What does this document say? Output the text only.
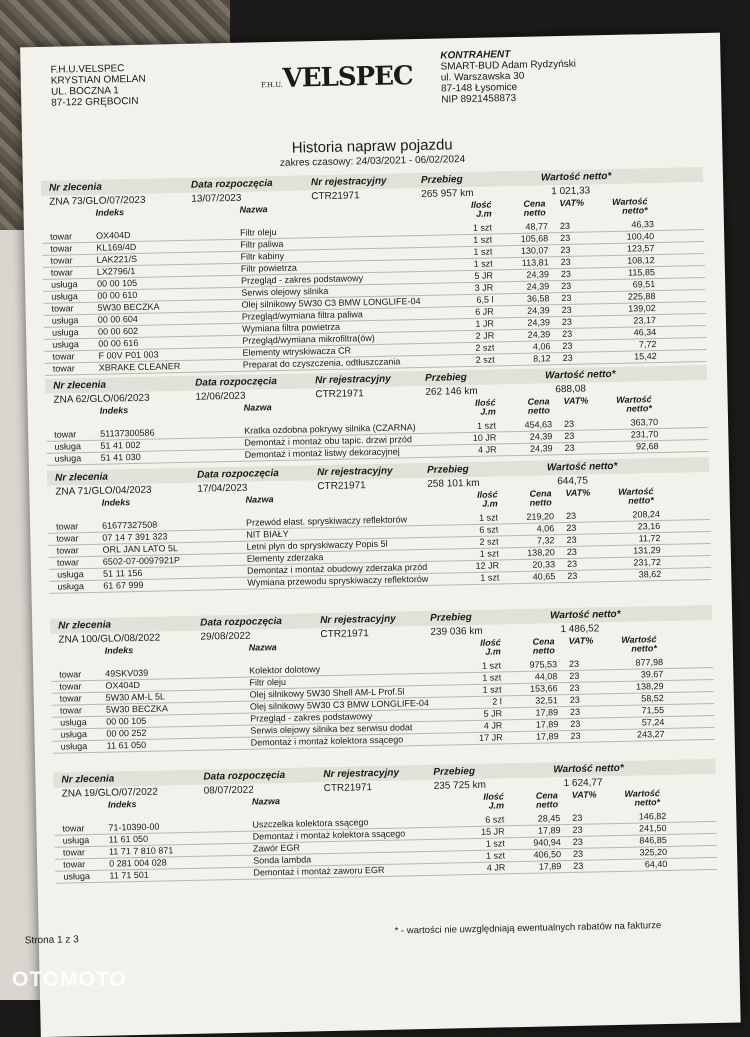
F.H.U.VELSPEC
KRYSTIAN OMELAN
UL. BOCZNA 1
87-122 GRĘBOCIN
F.H.U.VELSPEC
KONTRAHENT
SMART-BUD Adam Rydzyński
ul. Warszawska 30
87-148 Łysomice
NIP 8921458873
Historia napraw pojazdu
zakres czasowy: 24/03/2021 - 06/02/2024
Nr zlecenia	Data rozpoczęcia	Nr rejestracyjny	Przebieg	Wartość netto*
ZNA 73/GLO/07/2023	13/07/2023	CTR21971	265 957 km	1 021,33
Indeks	Nazwa	Ilość J.m
Cena netto
VAT%	Wartość netto*
towar	OX404D	Filtr oleju	1 szt	48,77 23	46,33
towar	KL169/4D	Filtr paliwa	1 szt	105,68 23	100,40
towar	LAK221/S	Filtr kabiny	1 szt	130,07 23	123,57
towar	LX2796/1	Filtr powietrza	1 szt	113,81 23	108,12
usługa 00 00 105	Przegląd - zakres podstawowy	5 JR	24,39 23	115,85
usługa 00 00 610	Serwis olejowy silnika	3 JR	24,39 23	69,51
towar	5W30 BECZKA	Olej silnikowy 5W30 C3 BMW LONGLIFE-04	6,5 l	36,58 23	225,88
usługa 00 00 604	Przegląd/wymiana filtra paliwa	6 JR	24,39 23	139,02
usługa 00 00 602	Wymiana filtra powietrza	1 JR	24,39 23	23,17
usługa 00 00 616	Przegląd/wymiana mikrofiltra(ów)	2 JR	24,39 23	46,34
towar	F 00V P01 003	Elementy wtryskiwacza CR	2 szt	4,06 23	7,72
towar	XBRAKE CLEANER	Preparat do czyszczenia, odtłuszczania	2 szt	8,12 23	15,42
Nr zlecenia	Data rozpoczęcia	Nr rejestracyjny	Przebieg	Wartość netto*
ZNA 62/GLO/06/2023	12/06/2023	CTR21971	262 146 km	688,08
Indeks	Nazwa	Ilość J.m
Cena netto
VAT%	Wartość netto*
towar	51137300586	Kratka ozdobna pokrywy silnika (CZARNA)	1 szt	454,63 23	363,70
usługa 51 41 002	Demontaż i montaż obu tapic. drzwi przód	10 JR	24,39 23	231,70
usługa 51 41 030	Demontaż i montaż listwy dekoracyjnej	4 JR	24,39 23	92,68
Nr zlecenia	Data rozpoczęcia	Nr rejestracyjny	Przebieg	Wartość netto*
ZNA 71/GLO/04/2023	17/04/2023	CTR21971	258 101 km	644,75
Indeks	Nazwa	Ilość J.m
Cena netto
VAT%	Wartość netto*
towar	61677327508	Przewód elast. spryskiwaczy reflektorów	1 szt	219,20 23	208,24
towar	07 14 7 391 323	NIT BIAŁY	6 szt	4,06 23	23,16
towar	ORL JAN LATO 5L	Letni płyn do spryskiwaczy Popis 5l	2 szt	7,32 23	11,72
towar	6502-07-0097921P	Elementy zderzaka	1 szt	138,20 23	131,29
usługa 51 11 156	Demontaż i montaż obudowy zderzaka przód	12 JR	20,33 23	231,72
usługa 61 67 999	Wymiana przewodu spryskiwaczy reflektorów	1 szt	40,65 23	38,62
Nr zlecenia	Data rozpoczęcia	Nr rejestracyjny	Przebieg	Wartość netto*
ZNA 100/GLO/08/2022	29/08/2022	CTR21971	239 036 km	1 486,52
Indeks	Nazwa	Ilość J.m
Cena netto
VAT%	Wartość netto*
towar	49SKV039	Kolektor dolotowy	1 szt	975,53 23	877,98
towar	OX404D	Filtr oleju	1 szt	44,08 23	39,67
towar	5W30 AM-L 5L	Olej silnikowy 5W30 Shell AM-L Prof.5l	1 szt	153,66 23	138,29
towar	5W30 BECZKA	Olej silnikowy 5W30 C3 BMW LONGLIFE-04	2 l	32,51 23	58,52
usługa 00 00 105	Przegląd - zakres podstawowy	5 JR	17,89 23	71,55
usługa 00 00 252	Serwis olejowy silnika bez serwisu dodat	4 JR	17,89 23	57,24
usługa 11 61 050	Demontaż i montaż kolektora ssącego	17 JR	17,89 23	243,27
Nr zlecenia	Data rozpoczęcia	Nr rejestracyjny	Przebieg	Wartość netto*
ZNA 19/GLO/07/2022	08/07/2022	CTR21971	235 725 km	1 624,77
Indeks	Nazwa	Ilość J.m
Cena netto
VAT%	Wartość netto*
towar	71-10390-00	Uszczelka kolektora ssącego	6 szt	28,45 23	146,82
usługa 11 61 050	Demontaż i montaż kolektora ssącego	15 JR	17,89 23	241,50
towar	11 71 7 810 871	Zawór EGR	1 szt	940,94 23	846,85
towar	0 281 004 028	Sonda lambda	1 szt	406,50 23	325,20
usługa 11 71 501	Demontaż i montaż zaworu EGR	4 JR	17,89 23	64,40
Strona 1 z 3
* - wartości nie uwzględniają ewentualnych rabatów na fakturze
OTOMOTO
